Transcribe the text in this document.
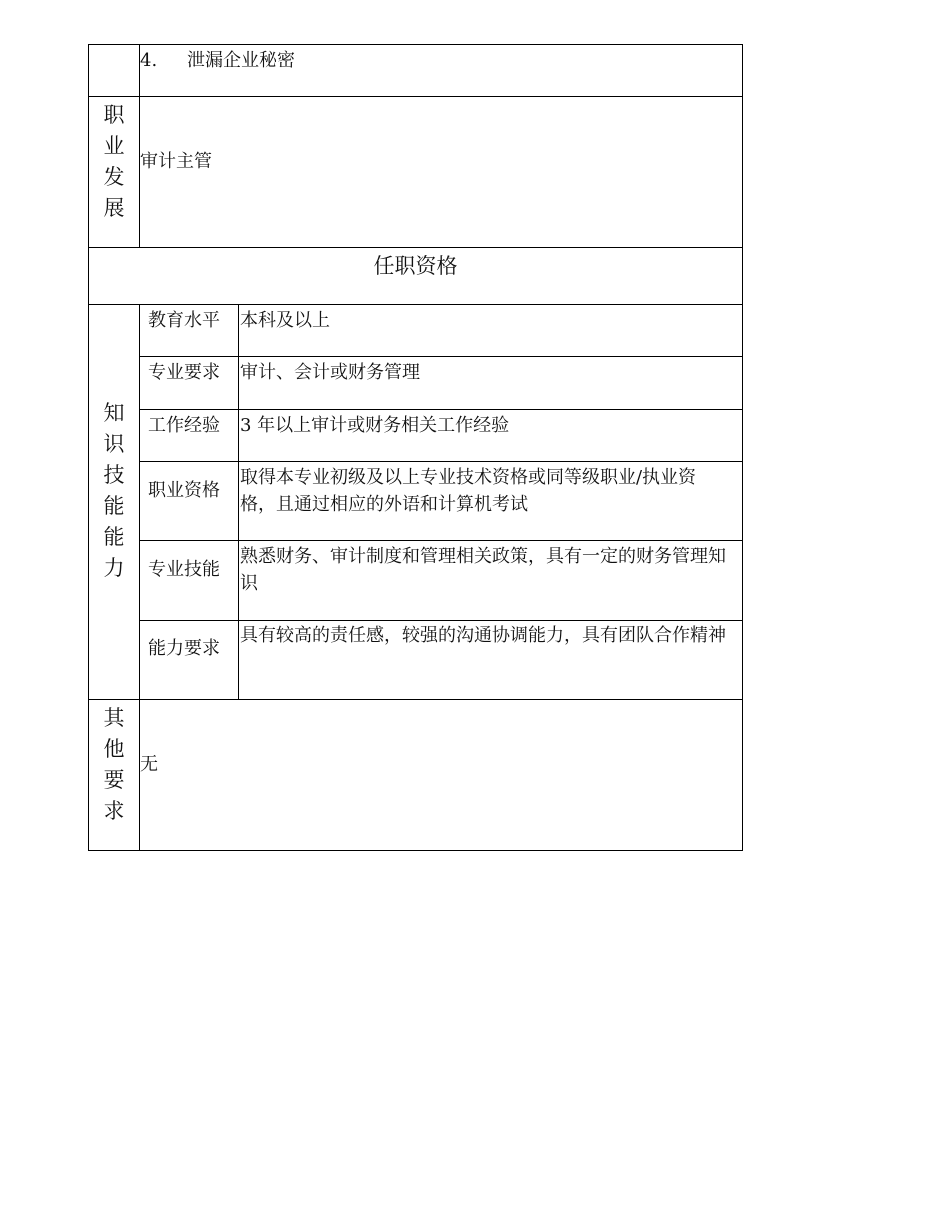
4. 泄漏企业秘密
职
业
发
展
审计主管
任职资格
知
识
技
能
能
力
教育水平 本科及以上
专业要求 审计、会计或财务管理
工作经验 3 年以上审计或财务相关工作经验
职业资格
取得本专业初级及以上专业技术资格或同等级职业/执业资格，且通过相应的外语和计算机考试
专业技能
熟悉财务、审计制度和管理相关政策，具有一定的财务管理知识
能力要求
具有较高的责任感，较强的沟通协调能力，具有团队合作精神
其
他
要
求
无
